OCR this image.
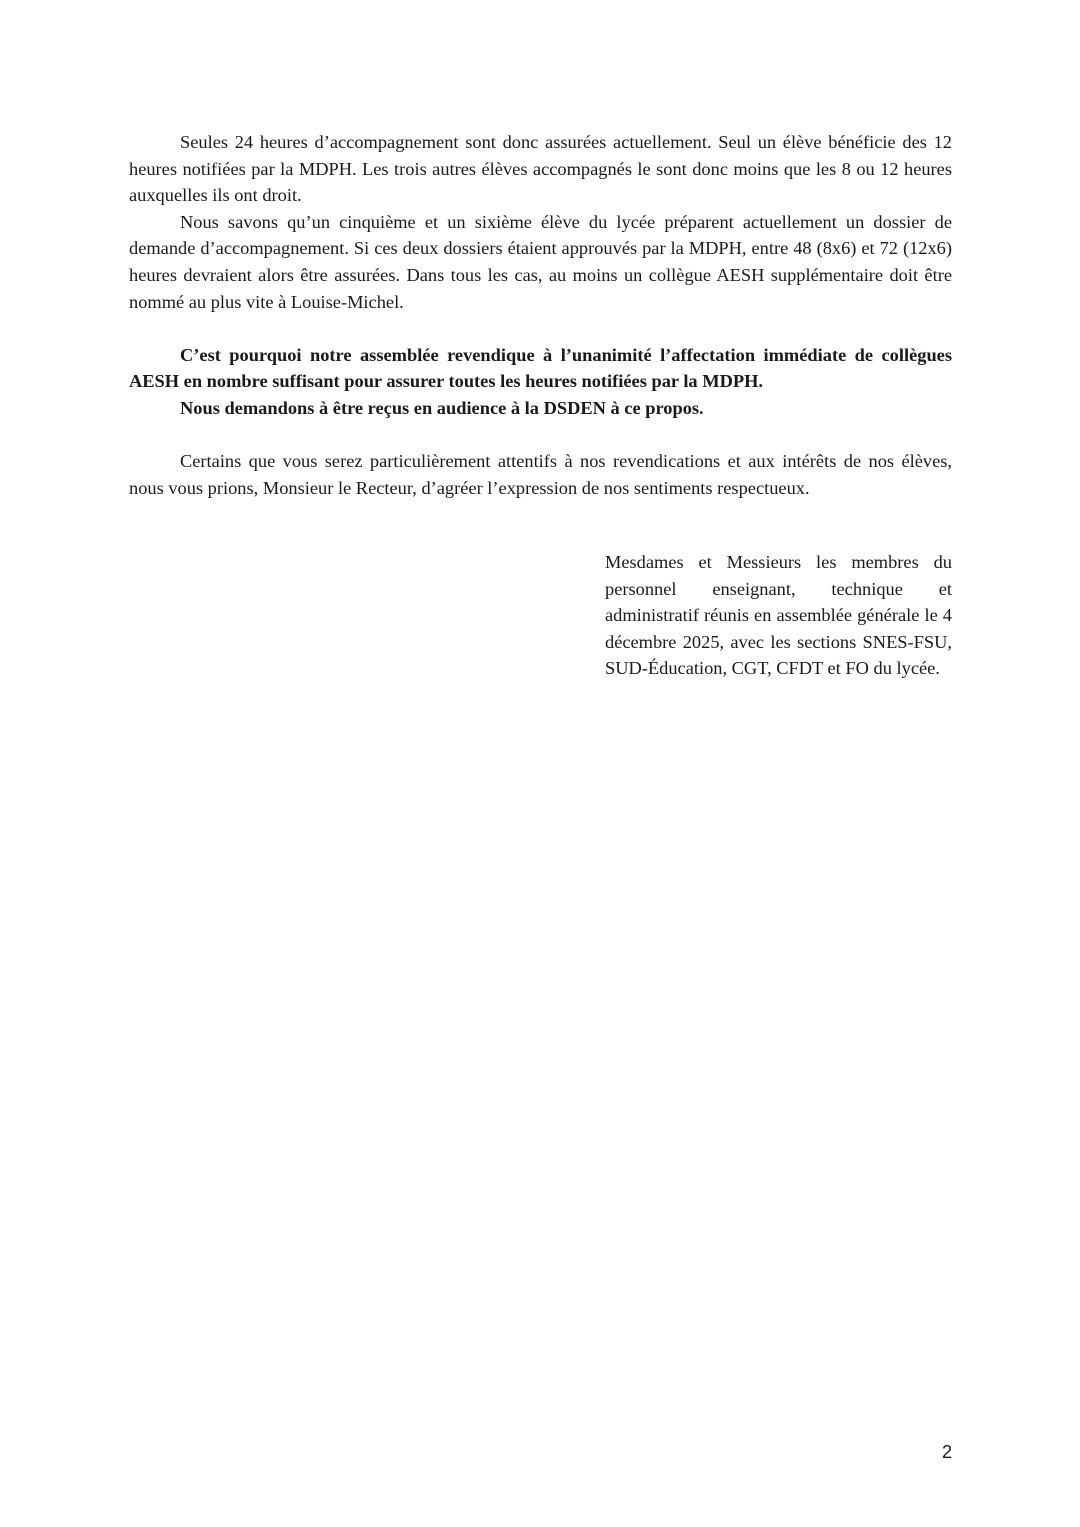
Seules 24 heures d’accompagnement sont donc assurées actuellement. Seul un élève bénéficie des 12 heures notifiées par la MDPH. Les trois autres élèves accompagnés le sont donc moins que les 8 ou 12 heures auxquelles ils ont droit.

Nous savons qu’un cinquième et un sixième élève du lycée préparent actuellement un dossier de demande d’accompagnement. Si ces deux dossiers étaient approuvés par la MDPH, entre 48 (8x6) et 72 (12x6) heures devraient alors être assurées. Dans tous les cas, au moins un collègue AESH supplémentaire doit être nommé au plus vite à Louise-Michel.

C’est pourquoi notre assemblée revendique à l’unanimité l’affectation immédiate de collègues AESH en nombre suffisant pour assurer toutes les heures notifiées par la MDPH.

Nous demandons à être reçus en audience à la DSDEN à ce propos.

Certains que vous serez particulièrement attentifs à nos revendications et aux intérêts de nos élèves, nous vous prions, Monsieur le Recteur, d’agréer l’expression de nos sentiments respectueux.

Mesdames et Messieurs les membres du personnel enseignant, technique et administratif réunis en assemblée générale le 4 décembre 2025, avec les sections SNES-FSU, SUD-Éducation, CGT, CFDT et FO du lycée.

2
